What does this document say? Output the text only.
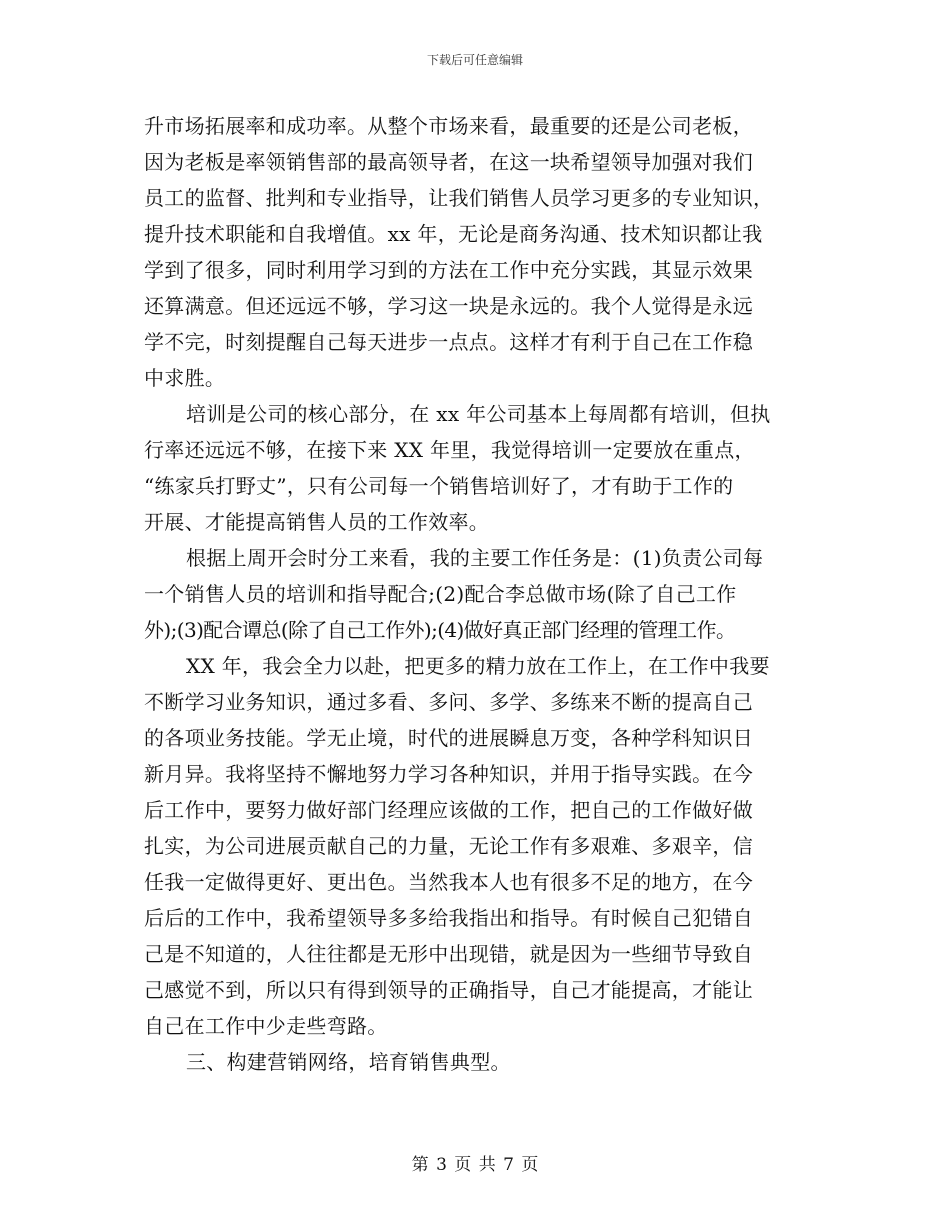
下载后可任意编辑
升市场拓展率和成功率。从整个市场来看，最重要的还是公司老板，
因为老板是率领销售部的最高领导者，在这一块希望领导加强对我们
员工的监督、批判和专业指导，让我们销售人员学习更多的专业知识，
提升技术职能和自我增值。xx 年，无论是商务沟通、技术知识都让我
学到了很多，同时利用学习到的方法在工作中充分实践，其显示效果
还算满意。但还远远不够，学习这一块是永远的。我个人觉得是永远
学不完，时刻提醒自己每天进步一点点。这样才有利于自己在工作稳
中求胜。
培训是公司的核心部分，在 xx 年公司基本上每周都有培训，但执
行率还远远不够，在接下来 XX 年里，我觉得培训一定要放在重点，
“练家兵打野丈”，只有公司每一个销售培训好了，才有助于工作的
开展、才能提高销售人员的工作效率。
根据上周开会时分工来看，我的主要工作任务是：(1)负责公司每
一个销售人员的培训和指导配合;(2)配合李总做市场(除了自己工作
外);(3)配合谭总(除了自己工作外);(4)做好真正部门经理的管理工作。
XX 年，我会全力以赴，把更多的精力放在工作上，在工作中我要
不断学习业务知识，通过多看、多问、多学、多练来不断的提高自己
的各项业务技能。学无止境，时代的进展瞬息万变，各种学科知识日
新月异。我将坚持不懈地努力学习各种知识，并用于指导实践。在今
后工作中，要努力做好部门经理应该做的工作，把自己的工作做好做
扎实，为公司进展贡献自己的力量，无论工作有多艰难、多艰辛，信
任我一定做得更好、更出色。当然我本人也有很多不足的地方，在今
后后的工作中，我希望领导多多给我指出和指导。有时候自己犯错自
己是不知道的，人往往都是无形中出现错，就是因为一些细节导致自
己感觉不到，所以只有得到领导的正确指导，自己才能提高，才能让
自己在工作中少走些弯路。
三、构建营销网络，培育销售典型。
第 3 页 共 7 页
